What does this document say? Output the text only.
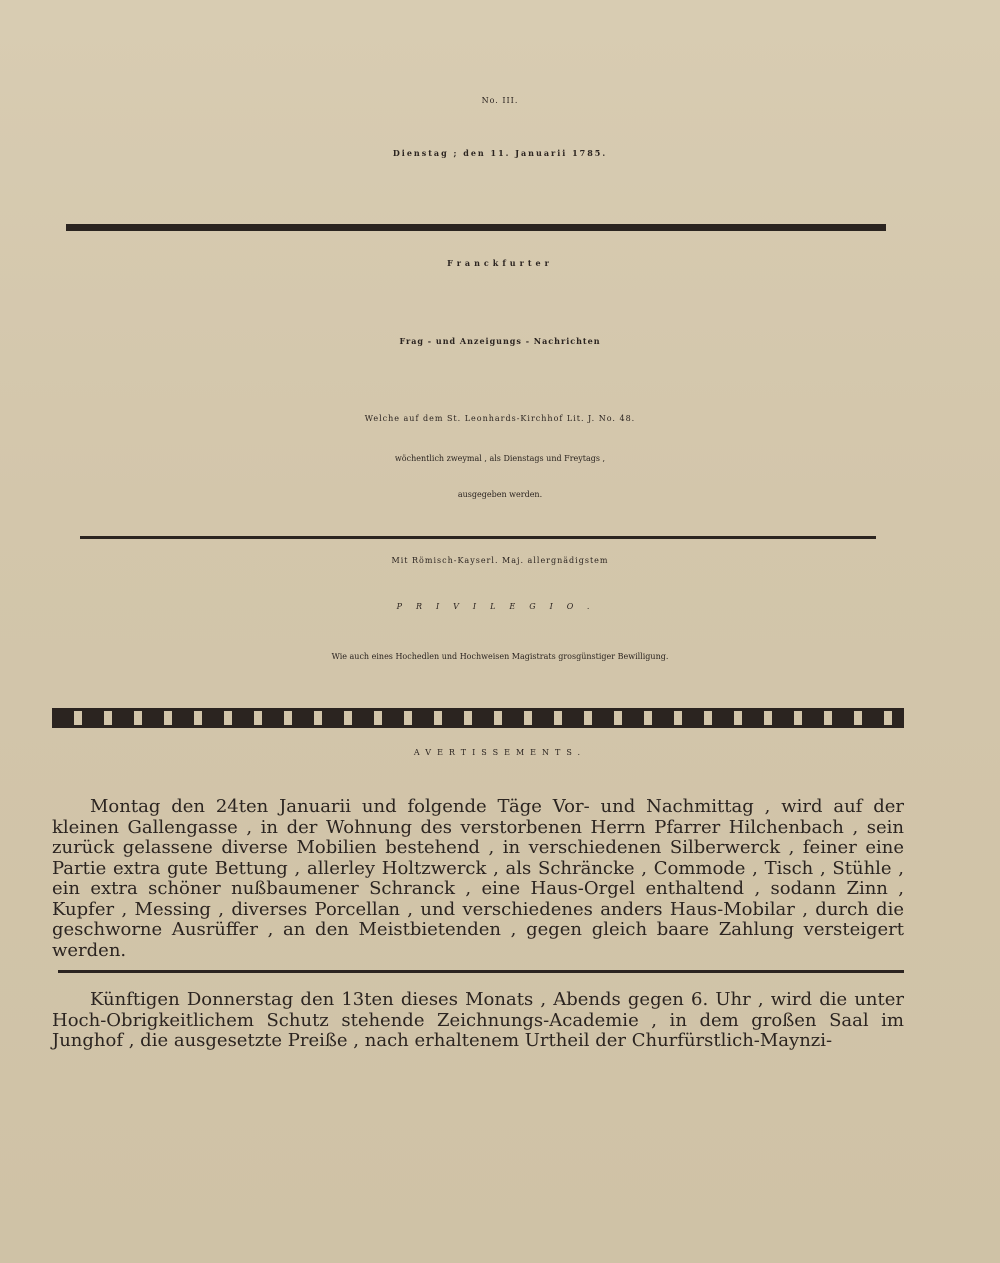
No. III.
Dienstag ; den 11. Januarii 1785.
Franckfurter
Frag - und Anzeigungs - Nachrichten
Welche auf dem St. Leonhards-Kirchhof Lit. J. No. 48.
wöchentlich zweymal , als Dienstags und Freytags ,
ausgegeben werden.
Mit Römisch-Kayserl. Maj. allergnädigstem
PRIVILEGIO.
Wie auch eines Hochedlen und Hochweisen Magistrats grosgünstiger Bewilligung.
AVERTISSEMENTS.

Montag den 24ten Januarii und folgende Täge Vor- und Nachmittag , wird auf der kleinen Gallengasse , in der Wohnung des verstorbenen Herrn Pfarrer Hilchenbach , sein zurück gelassene diverse Mobilien bestehend , in verschiedenen Silberwerck , feiner eine Partie extra gute Bettung , allerley Holtzwerck , als Schräncke , Commode , Tisch , Stühle , ein extra schöner nußbaumener Schranck , eine Haus-Orgel enthaltend , sodann Zinn , Kupfer , Messing , diverses Porcellan , und verschiedenes anders Haus-Mobilar , durch die geschworne Ausrüffer , an den Meistbietenden , gegen gleich baare Zahlung versteigert werden.

Künftigen Donnerstag den 13ten dieses Monats , Abends gegen 6. Uhr , wird die unter Hoch-Obrigkeitlichem Schutz stehende Zeichnungs-Academie , in dem großen Saal im Junghof , die ausgesetzte Preiße , nach erhaltenem Urtheil der Churfürstlich-Maynzi-
